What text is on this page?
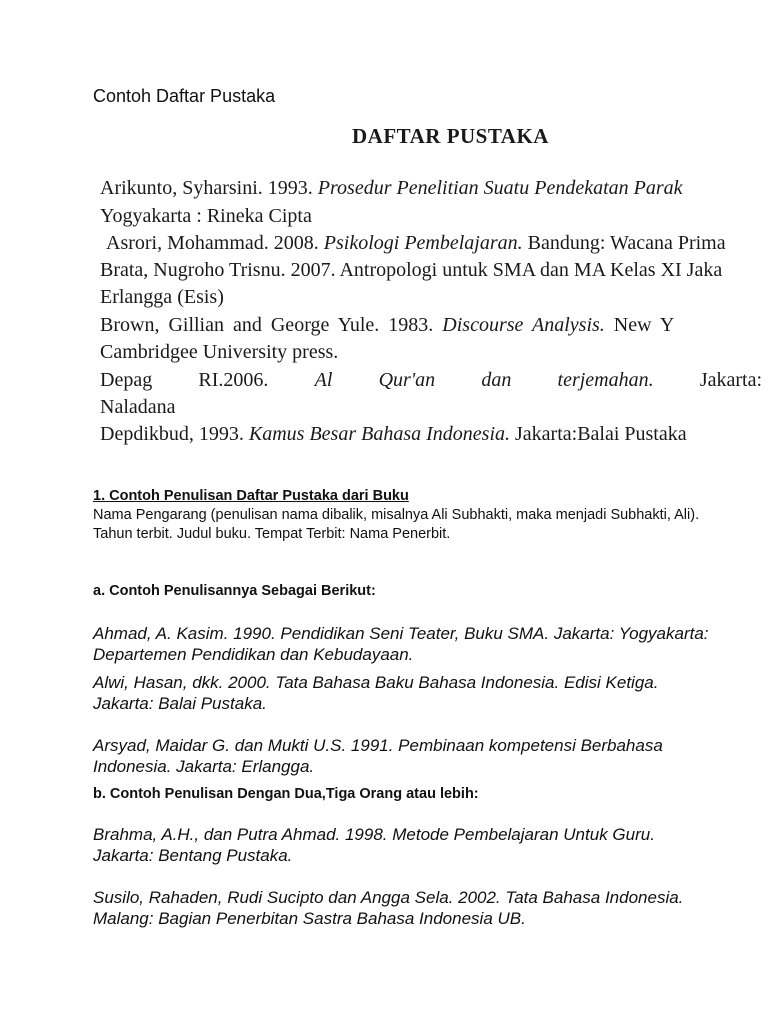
Contoh Daftar Pustaka
DAFTAR PUSTAKA
Arikunto, Syharsini. 1993. Prosedur Penelitian Suatu Pendekatan Parak
Yogyakarta : Rineka Cipta
Asrori, Mohammad. 2008. Psikologi Pembelajaran. Bandung: Wacana Prima
Brata, Nugroho Trisnu. 2007. Antropologi untuk SMA dan MA Kelas XI Jaka
Erlangga (Esis)
Brown, Gillian and George Yule. 1983. Discourse Analysis. New Y
Cambridgee University press.
Depag RI.2006. Al Qur'an dan terjemahan. Jakarta:
Naladana
Depdikbud, 1993. Kamus Besar Bahasa Indonesia. Jakarta:Balai Pustaka
1. Contoh Penulisan Daftar Pustaka dari Buku
Nama Pengarang (penulisan nama dibalik, misalnya Ali Subhakti, maka menjadi Subhakti, Ali). Tahun terbit. Judul buku. Tempat Terbit: Nama Penerbit.
a. Contoh Penulisannya Sebagai Berikut:
Ahmad, A. Kasim. 1990. Pendidikan Seni Teater, Buku SMA. Jakarta: Yogyakarta: Departemen Pendidikan dan Kebudayaan.
Alwi, Hasan, dkk. 2000. Tata Bahasa Baku Bahasa Indonesia. Edisi Ketiga. Jakarta: Balai Pustaka.
Arsyad, Maidar G. dan Mukti U.S. 1991. Pembinaan kompetensi Berbahasa Indonesia. Jakarta: Erlangga.
b. Contoh Penulisan Dengan Dua,Tiga Orang atau lebih:
Brahma, A.H., dan Putra Ahmad. 1998. Metode Pembelajaran Untuk Guru. Jakarta: Bentang Pustaka.
Susilo, Rahaden, Rudi Sucipto dan Angga Sela. 2002. Tata Bahasa Indonesia. Malang: Bagian Penerbitan Sastra Bahasa Indonesia UB.
